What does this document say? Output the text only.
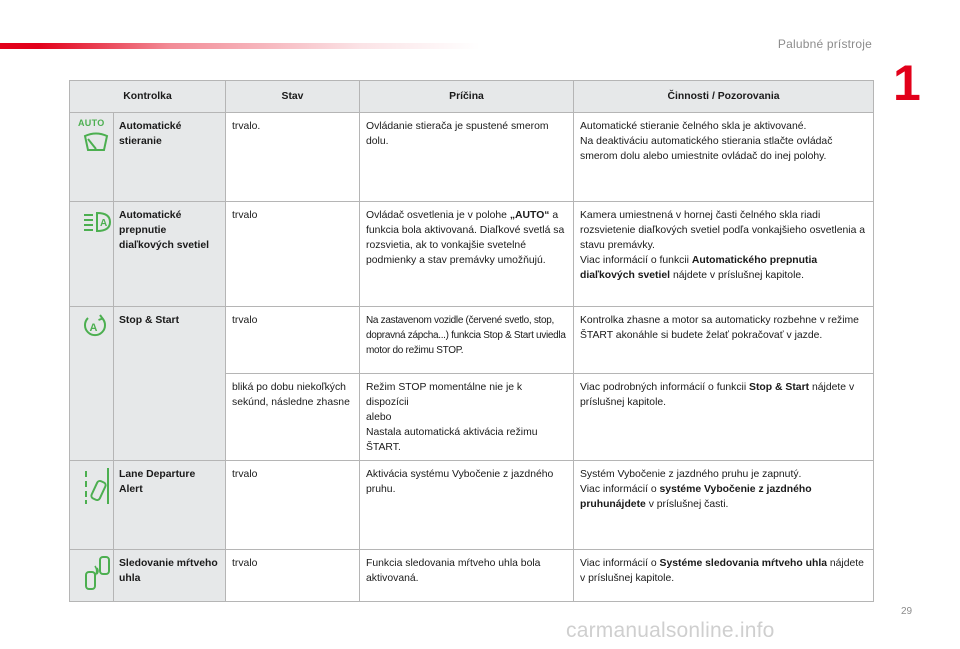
Palubné prístroje
1
Kontrolka		Stav	Príčina	Činnosti / Pozorovania

AUTO	Automatické stieranie	trvalo.	Ovládanie stierača je spustené smerom dolu.	Automatické stieranie čelného skla je aktivované.
Na deaktiváciu automatického stierania stlačte ovládač smerom dolu alebo umiestnite ovládač do inej polohy.

A	Automatické prepnutie diaľkových svetiel	trvalo	Ovládač osvetlenia je v polohe „AUTO“ a funkcia bola aktivovaná. Diaľkové svetlá sa rozsvietia, ak to vonkajšie svetelné podmienky a stav premávky umožňujú.	Kamera umiestnená v hornej časti čelného skla riadi rozsvietenie diaľkových svetiel podľa vonkajšieho osvetlenia a stavu premávky.
Viac informácií o funkcii Automatického prepnutia diaľkových svetiel nájdete v príslušnej kapitole.

A	Stop & Start	trvalo	Na zastavenom vozidle (červené svetlo, stop, dopravná zápcha...) funkcia Stop & Start uviedla motor do režimu STOP.	Kontrolka zhasne a motor sa automaticky rozbehne v režime ŠTART akonáhle si budete želať pokračovať v jazde.
		bliká po dobu niekoľkých sekúnd, následne zhasne	Režim STOP momentálne nie je k dispozícii
alebo
Nastala automatická aktivácia režimu ŠTART.	Viac podrobných informácií o funkcii Stop & Start nájdete v príslušnej kapitole.

	Lane Departure Alert	trvalo	Aktivácia systému Vybočenie z jazdného pruhu.	Systém Vybočenie z jazdného pruhu je zapnutý.
Viac informácií o systéme Vybočenie z jazdného pruhunájdete v príslušnej časti.

	Sledovanie mŕtveho uhla	trvalo	Funkcia sledovania mŕtveho uhla bola aktivovaná.	Viac informácií o Systéme sledovania mŕtveho uhla nájdete v príslušnej kapitole.
29
carmanualsonline.info
